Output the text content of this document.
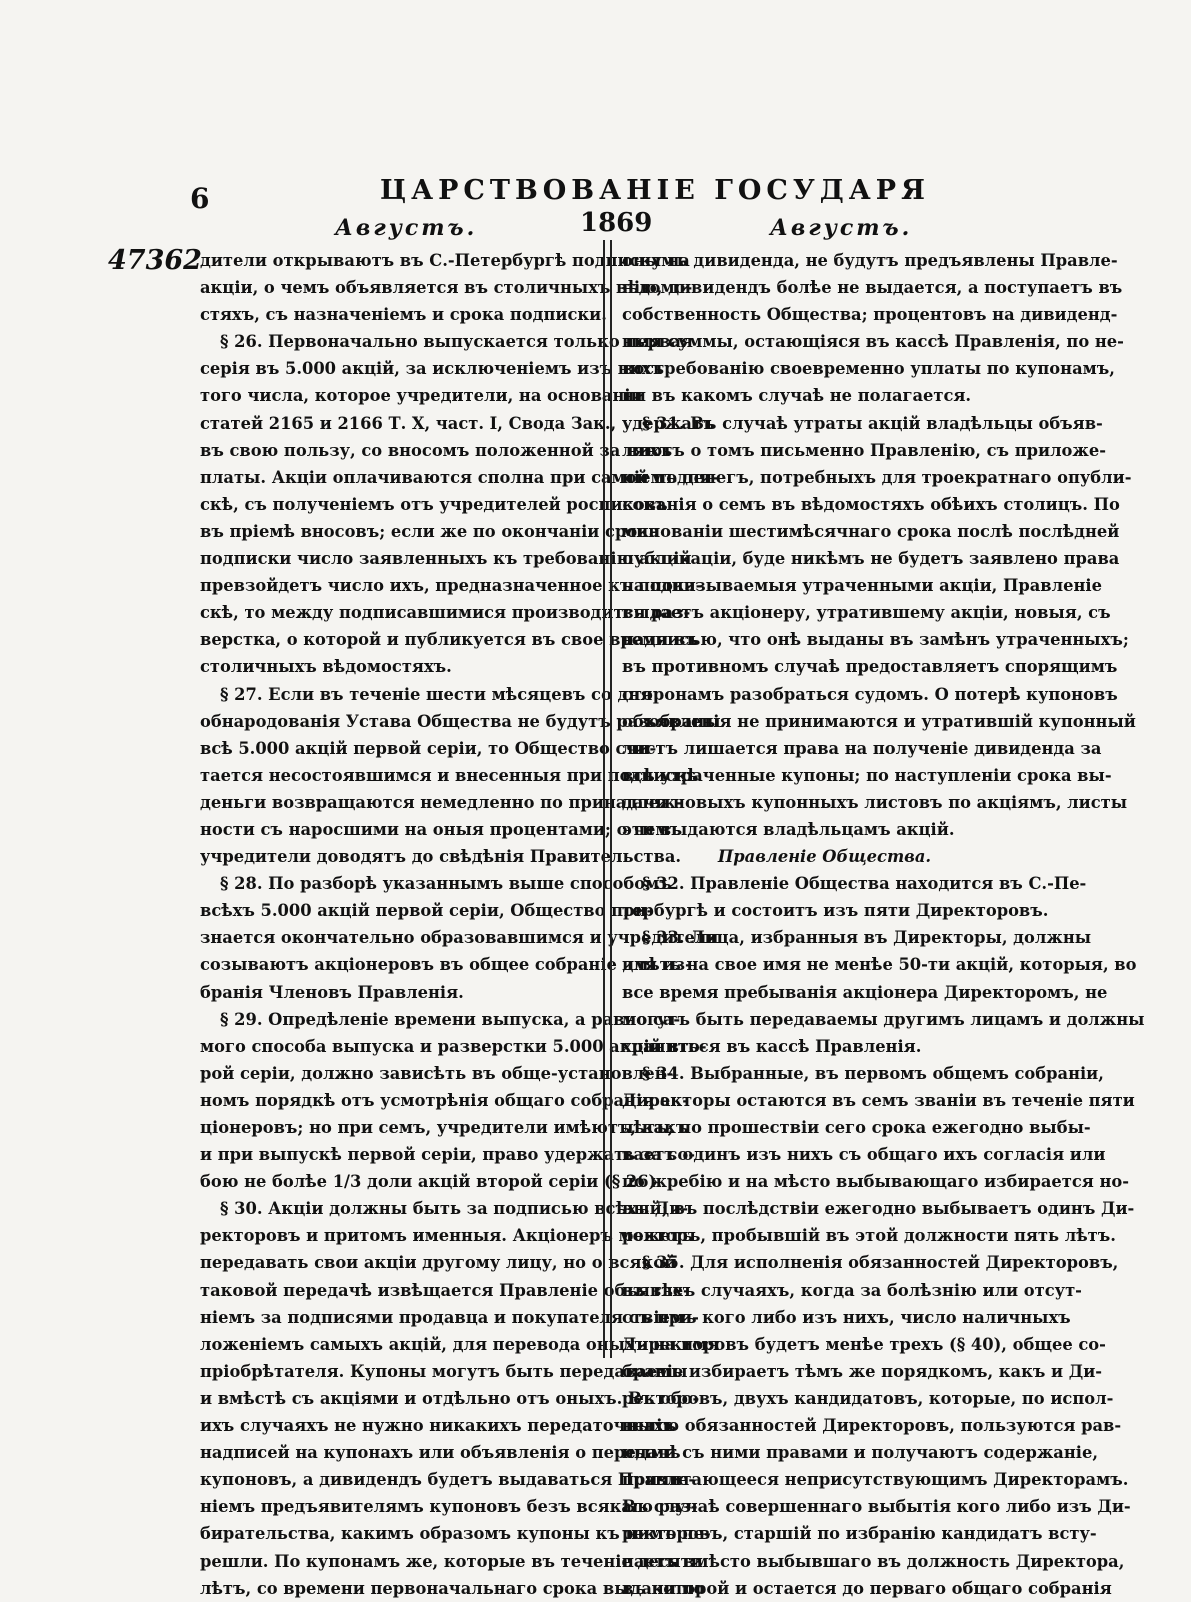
6	ЦАРСТВОВАНІЕ ГОСУДАРЯ
Августъ.	1869	Августъ.
47362
дители открываютъ въ С.-Петербургѣ подписку на
акціи, о чемъ объявляется въ столичныхъ вѣдомо-
стяхъ, съ назначеніемъ и срока подписки.
§ 26. Первоначально выпускается только первая
серія въ 5.000 акцій, за исключеніемъ изъ нихъ
того числа, которое учредители, на основаніи
статей 2165 и 2166 Т. X, част. I, Свода Зак., удержатъ
въ свою пользу, со вносомъ положенной за нихъ
платы. Акціи оплачиваются сполна при самой подпи-
скѣ, съ полученіемъ отъ учредителей росписокъ
въ пріемѣ вносовъ; если же по окончаніи срока
подписки число заявленныхъ къ требованію акцій
превзойдетъ число ихъ, предназначенное къ подпи-
скѣ, то между подписавшимися производится раз-
верстка, о которой и публикуется въ свое время въ
столичныхъ вѣдомостяхъ.
§ 27. Если въ теченіе шести мѣсяцевъ со дня
обнародованія Устава Общества не будутъ разобраны
всѣ 5.000 акцій первой серіи, то Общество счи-
тается несостоявшимся и внесенныя при подпискѣ
деньги возвращаются немедленно по принадлеж-
ности съ наросшими на оныя процентами; о чемъ
учредители доводятъ до свѣдѣнія Правительства.
§ 28. По разборѣ указаннымъ выше способомъ
всѣхъ 5.000 акцій первой серіи, Общество при-
знается окончательно образовавшимся и учредители
созываютъ акціонеровъ въ общее собраніе для из-
бранія Членовъ Правленія.
§ 29. Опредѣленіе времени выпуска, а равно са-
мого способа выпуска и разверстки 5.000 акцій вто-
рой серіи, должно зависѣть въ обще-установлен-
номъ порядкѣ отъ усмотрѣнія общаго собранія ак-
ціонеровъ; но при семъ, учредители имѣютъ, какъ
и при выпускѣ первой серіи, право удержать за со-
бою не болѣе 1/3 доли акцій второй серіи (§ 26).
§ 30. Акціи должны быть за подписью всѣхъ Ди-
ректоровъ и притомъ именныя. Акціонеръ можетъ
передавать свои акціи другому лицу, но о всякой
таковой передачѣ извѣщается Правленіе объявле-
ніемъ за подписями продавца и покупателя съ при-
ложеніемъ самыхъ акцій, для перевода оныхъ на имя
пріобрѣтателя. Купоны могутъ быть передаваемы
и вмѣстѣ съ акціями и отдѣльно отъ оныхъ. Въ обо-
ихъ случаяхъ не нужно никакихъ передаточныхъ
надписей на купонахъ или объявленія о передачѣ
купоновъ, а дивидендъ будетъ выдаваться Правле-
ніемъ предъявителямъ купоновъ безъ всякаго раз-
бирательства, какимъ образомъ купоны къ нимъ пе-
решли. По купонамъ же, которые въ теченіе десяти
лѣтъ, со времени первоначальнаго срока выдачи по
онымъ дивиденда, не будутъ предъявлены Правле-
нію, дивидендъ болѣе не выдается, а поступаетъ въ
собственность Общества; процентовъ на дивиденд-
ныя суммы, остающіяся въ кассѣ Правленія, по не-
востребованію своевременно уплаты по купонамъ,
ни въ какомъ случаѣ не полагается.
§ 31. Въ случаѣ утраты акцій владѣльцы объяв-
ляютъ о томъ письменно Правленію, съ приложе-
ніемъ денегъ, потребныхъ для троекратнаго опубли-
кованія о семъ въ вѣдомостяхъ обѣихъ столицъ. По
минованіи шестимѣсячнаго срока послѣ послѣдней
публикаціи, буде никѣмъ не будетъ заявлено права
на показываемыя утраченными акціи, Правленіе
выдаетъ акціонеру, утратившему акціи, новыя, съ
надписью, что онѣ выданы въ замѣнъ утраченныхъ;
въ противномъ случаѣ предоставляетъ спорящимъ
сторонамъ разобраться судомъ. О потерѣ купоновъ
объявленія не принимаются и утратившій купонный
листъ лишается права на полученіе дивиденда за
всѣ утраченные купоны; по наступленіи срока вы-
дачи новыхъ купонныхъ листовъ по акціямъ, листы
эти выдаются владѣльцамъ акцій.
Правленіе Общества.
§ 32. Правленіе Общества находится въ С.-Пе-
тербургѣ и состоитъ изъ пяти Директоровъ.
§ 33. Лица, избранныя въ Директоры, должны
имѣть на свое имя не менѣе 50-ти акцій, которыя, во
все время пребыванія акціонера Директоромъ, не
могутъ быть передаваемы другимъ лицамъ и должны
храниться въ кассѣ Правленія.
§ 34. Выбранные, въ первомъ общемъ собраніи,
Директоры остаются въ семъ званіи въ теченіе пяти
лѣтъ; по прошествіи сего срока ежегодно выбы-
ваетъ одинъ изъ нихъ съ общаго ихъ согласія или
по жребію и на мѣсто выбывающаго избирается но-
вый; въ послѣдствіи ежегодно выбываетъ одинъ Ди-
ректоръ, пробывшій въ этой должности пять лѣтъ.
§ 35. Для исполненія обязанностей Директоровъ,
въ тѣхъ случаяхъ, когда за болѣзнію или отсут-
ствіемъ кого либо изъ нихъ, число наличныхъ
Директоровъ будетъ менѣе трехъ (§ 40), общее со-
браніе избираетъ тѣмъ же порядкомъ, какъ и Ди-
ректоровъ, двухъ кандидатовъ, которые, по испол-
ненію обязанностей Директоровъ, пользуются рав-
ными съ ними правами и получаютъ содержаніе,
причитающееся неприсутствующимъ Директорамъ.
Въ случаѣ совершеннаго выбытія кого либо изъ Ди-
ректоровъ, старшій по избранію кандидатъ всту-
паетъ вмѣсто выбывшаго въ должность Директора,
въ которой и остается до перваго общаго собранія
